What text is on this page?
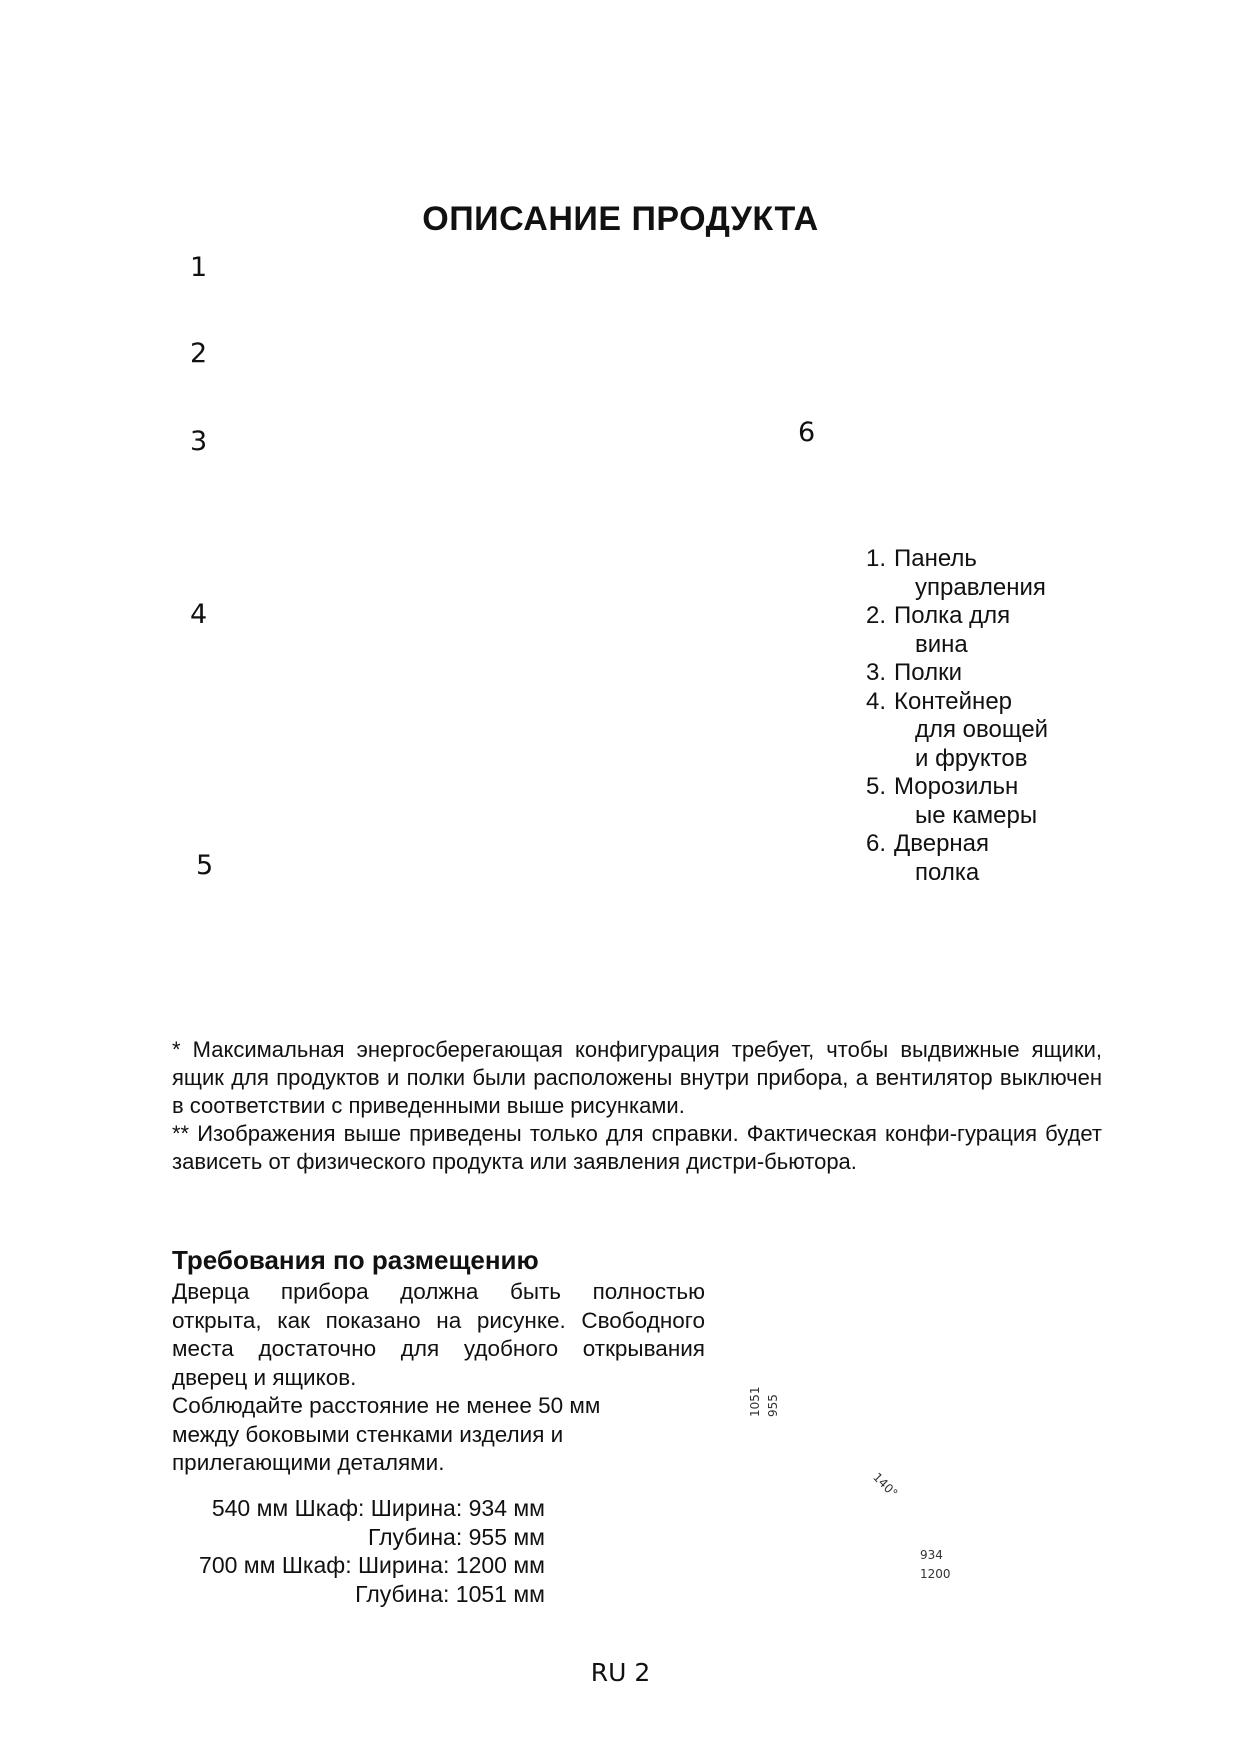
ОПИСАНИЕ ПРОДУКТА
1
2
3
4
5
6
1. Панель
управления
2. Полка для
вина
3. Полки
4. Контейнер
для овощей
и фруктов
5. Морозильн
ые камеры
6. Дверная
полка

* Максимальная энергосберегающая конфигурация требует, чтобы выдвижные ящики, ящик для продуктов и полки были расположены внутри прибора, а вентилятор выключен в соответствии с приведенными выше рисунками.

** Изображения выше приведены только для справки. Фактическая конфи-гурация будет зависеть от физического продукта или заявления дистри-бьютора.

Требования по размещению

Дверца прибора должна быть полностью

открыта, как показано на рисунке. Свободного

места достаточно для удобного открывания

дверец и ящиков.

Соблюдайте расстояние не менее 50 мм

между боковыми стенками изделия и

прилегающими деталями.

540 мм Шкаф: Ширина: 934 мм
Глубина: 955 мм
700 мм Шкаф: Ширина: 1200 мм
Глубина: 1051 мм
1051 955
140°
934
1200
RU 2
